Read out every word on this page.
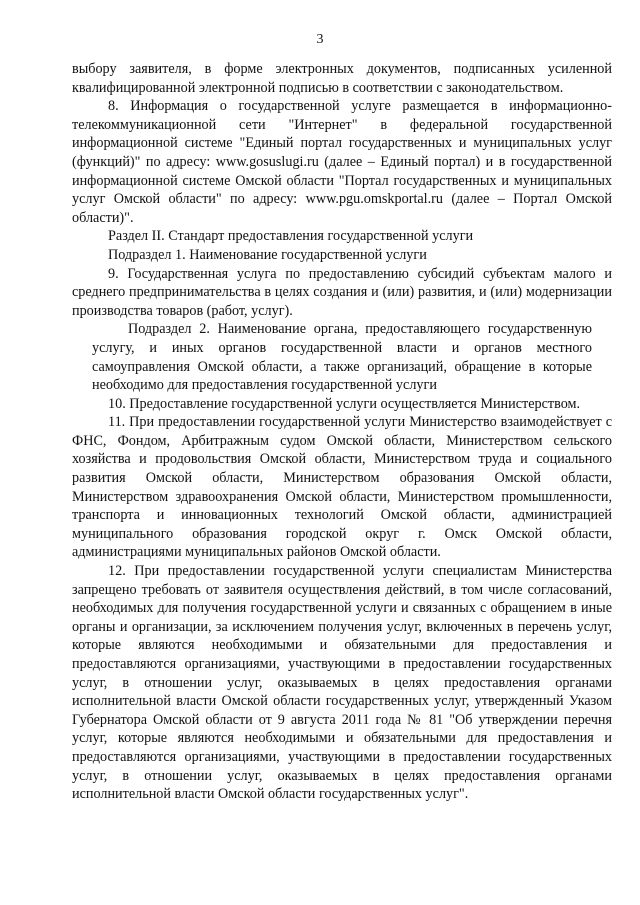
3

выбору заявителя, в форме электронных документов, подписанных усиленной квалифицированной электронной подписью в соответствии с законодательством.

8. Информация о государственной услуге размещается в информационно-телекоммуникационной сети "Интернет" в федеральной государственной информационной системе "Единый портал государственных и муниципальных услуг (функций)" по адресу: www.gosuslugi.ru (далее – Единый портал) и в государственной информационной системе Омской области "Портал государственных и муниципальных услуг Омской области" по адресу: www.pgu.omskportal.ru (далее – Портал Омской области)".

Раздел II. Стандарт предоставления государственной услуги

Подраздел 1. Наименование государственной услуги

9. Государственная услуга по предоставлению субсидий субъектам малого и среднего предпринимательства в целях создания и (или) развития, и (или) модернизации производства товаров (работ, услуг).

Подраздел 2. Наименование органа, предоставляющего государственную услугу, и иных органов государственной власти и органов местного самоуправления Омской области, а также организаций, обращение в которые необходимо для предоставления государственной услуги

10. Предоставление государственной услуги осуществляется Министерством.

11. При предоставлении государственной услуги Министерство взаимодействует с ФНС, Фондом, Арбитражным судом Омской области, Министерством сельского хозяйства и продовольствия Омской области, Министерством труда и социального развития Омской области, Министерством образования Омской области, Министерством здравоохранения Омской области, Министерством промышленности, транспорта и инновационных технологий Омской области, администрацией муниципального образования городской округ г. Омск Омской области, администрациями муниципальных районов Омской области.

12. При предоставлении государственной услуги специалистам Министерства запрещено требовать от заявителя осуществления действий, в том числе согласований, необходимых для получения государственной услуги и связанных с обращением в иные органы и организации, за исключением получения услуг, включенных в перечень услуг, которые являются необходимыми и обязательными для предоставления и предоставляются организациями, участвующими в предоставлении государственных услуг, в отношении услуг, оказываемых в целях предоставления органами исполнительной власти Омской области государственных услуг, утвержденный Указом Губернатора Омской области от 9 августа 2011 года № 81 "Об утверждении перечня услуг, которые являются необходимыми и обязательными для предоставления и предоставляются организациями, участвующими в предоставлении государственных услуг, в отношении услуг, оказываемых в целях предоставления органами исполнительной власти Омской области государственных услуг".
